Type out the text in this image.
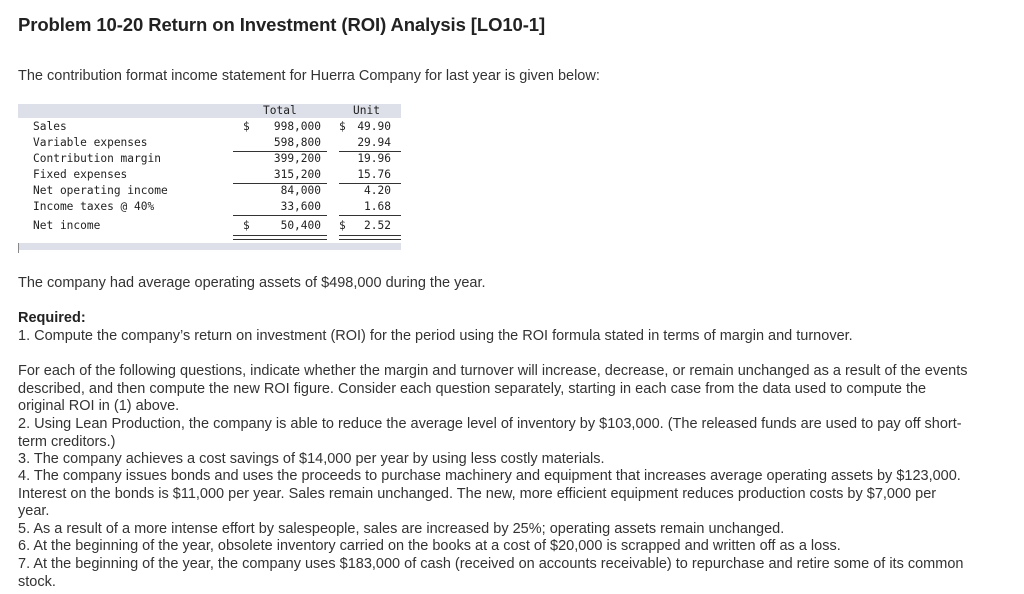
Problem 10-20 Return on Investment (ROI) Analysis [LO10-1]
The contribution format income statement for Huerra Company for last year is given below:
Total	Unit
Sales	$ 998,000 $ 49.90
Variable expenses	598,800	29.94
Contribution margin	399,200	19.96
Fixed expenses	315,200	15.76
Net operating income	84,000	4.20
Income taxes @ 40%	33,600	1.68
Net income	$	50,400 $ 2.52
The company had average operating assets of $498,000 during the year.
Required:
1. Compute the company’s return on investment (ROI) for the period using the ROI formula stated in terms of margin and turnover.
For each of the following questions, indicate whether the margin and turnover will increase, decrease, or remain unchanged as a result of the events described, and then compute the new ROI figure. Consider each question separately, starting in each case from the data used to compute the original ROI in (1) above.
2. Using Lean Production, the company is able to reduce the average level of inventory by $103,000. (The released funds are used to pay off short-term creditors.)
3. The company achieves a cost savings of $14,000 per year by using less costly materials.
4. The company issues bonds and uses the proceeds to purchase machinery and equipment that increases average operating assets by $123,000. Interest on the bonds is $11,000 per year. Sales remain unchanged. The new, more efficient equipment reduces production costs by $7,000 per year.
5. As a result of a more intense effort by salespeople, sales are increased by 25%; operating assets remain unchanged.
6. At the beginning of the year, obsolete inventory carried on the books at a cost of $20,000 is scrapped and written off as a loss.
7. At the beginning of the year, the company uses $183,000 of cash (received on accounts receivable) to repurchase and retire some of its common stock.
